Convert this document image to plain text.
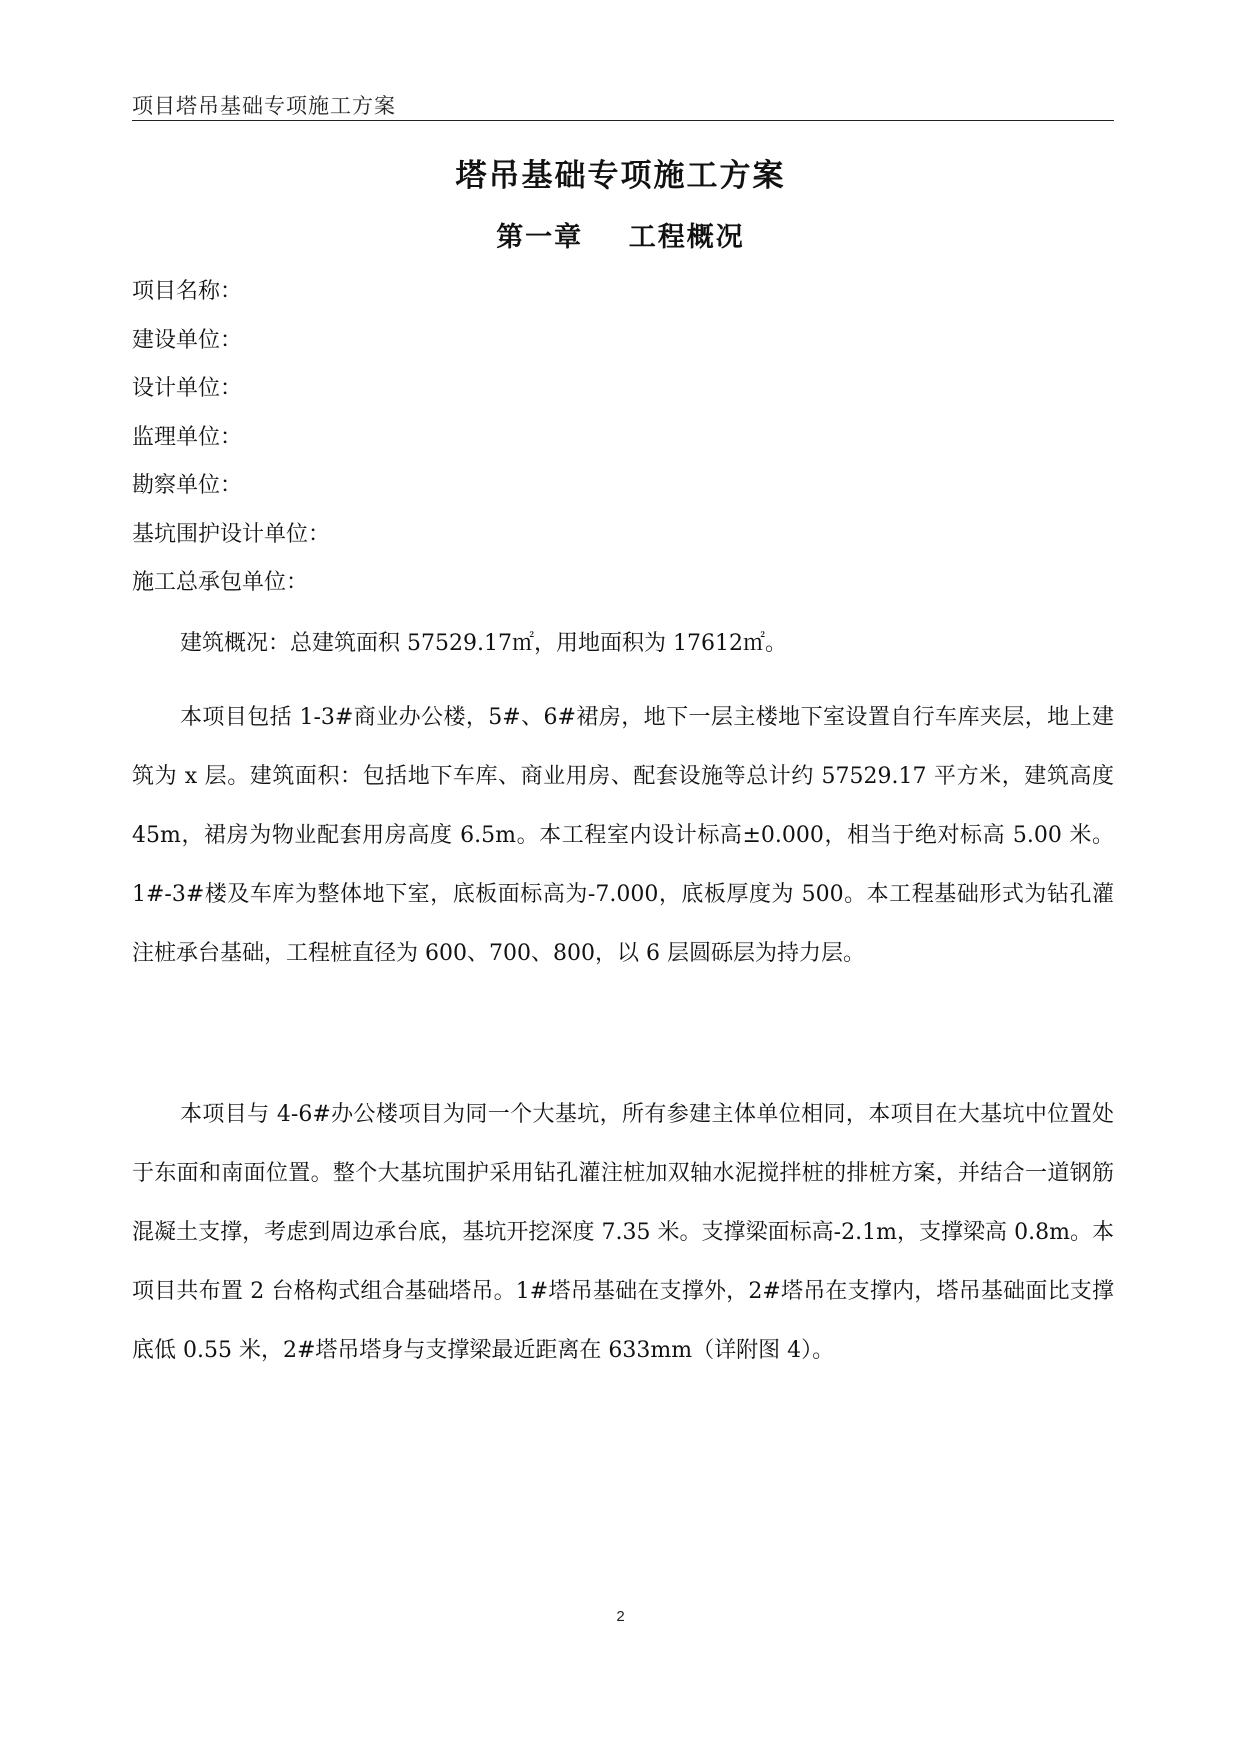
项目塔吊基础专项施工方案
塔吊基础专项施工方案
第一章    工程概况
项目名称：
建设单位：
设计单位：
监理单位：
勘察单位：
基坑围护设计单位：
施工总承包单位：

建筑概况：总建筑面积 57529.17㎡，用地面积为 17612㎡。

本项目包括 1-3#商业办公楼，5#、6#裙房，地下一层主楼地下室设置自行车库夹层，地上建筑为 x 层。建筑面积：包括地下车库、商业用房、配套设施等总计约 57529.17 平方米，建筑高度 45m，裙房为物业配套用房高度 6.5m。本工程室内设计标高±0.000，相当于绝对标高 5.00 米。1#-3#楼及车库为整体地下室，底板面标高为-7.000，底板厚度为 500。本工程基础形式为钻孔灌注桩承台基础，工程桩直径为 600、700、800，以 6 层圆砾层为持力层。

本项目与 4-6#办公楼项目为同一个大基坑，所有参建主体单位相同，本项目在大基坑中位置处于东面和南面位置。整个大基坑围护采用钻孔灌注桩加双轴水泥搅拌桩的排桩方案，并结合一道钢筋混凝土支撑，考虑到周边承台底，基坑开挖深度 7.35 米。支撑梁面标高-2.1m，支撑梁高 0.8m。本项目共布置 2 台格构式组合基础塔吊。1#塔吊基础在支撑外，2#塔吊在支撑内，塔吊基础面比支撑底低 0.55 米，2#塔吊塔身与支撑梁最近距离在 633mm（详附图 4）。

2
